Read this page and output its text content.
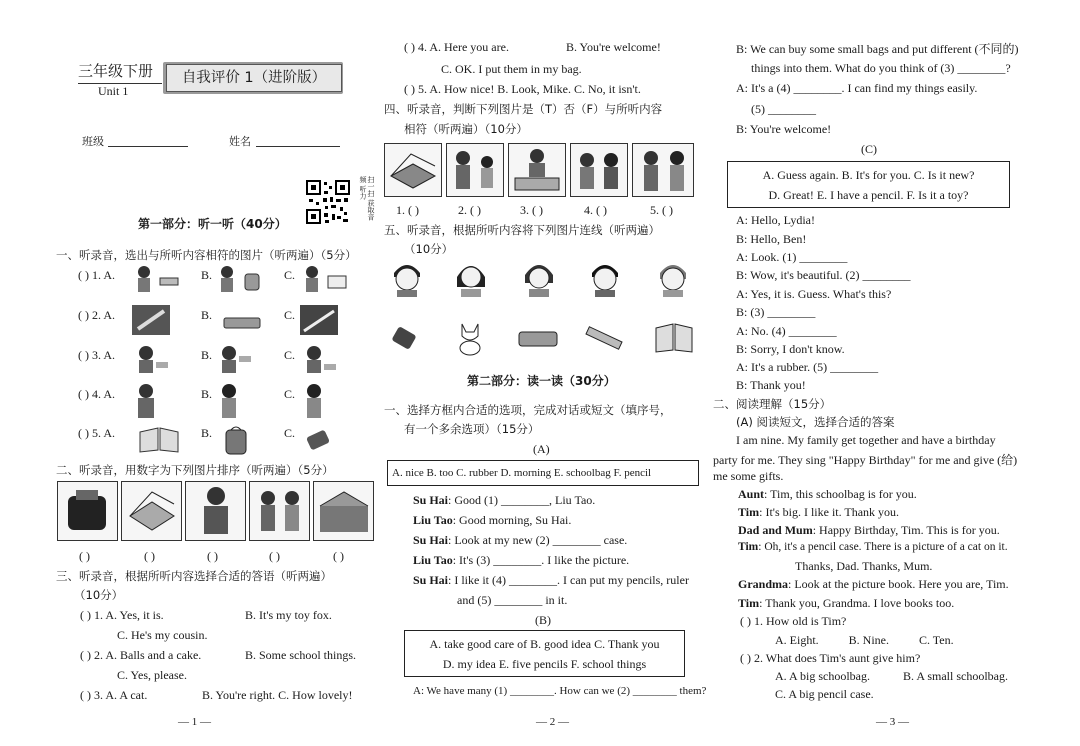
三年级下册
Unit 1
自我评价 1（进阶版）
班级	姓名
扫一扫 获取音频 听力
第一部分：听一听（40分）
一、听录音，选出与所听内容相符的图片（听两遍）（5分）
( ) 1. A.	B.	C.
( ) 2. A.	B.	C.
( ) 3. A.	B.	C.
( ) 4. A.	B.	C.
( ) 5. A.	B.	C.
二、听录音，用数字为下列图片排序（听两遍）（5分）
( )	( )	( )	( )	( )
三、听录音，根据所听内容选择合适的答语（听两遍）
（10分）
( ) 1. A. Yes, it is.	B. It's my toy fox.
C. He's my cousin.
( ) 2. A. Balls and a cake.	B. Some school things.
C. Yes, please.
( ) 3. A. A cat.	B. You're right. C. How lovely!
— 1 —
( ) 4. A. Here you are.	B. You're welcome!
C. OK. I put them in my bag.
( ) 5. A. How nice! B. Look, Mike. C. No, it isn't.
四、听录音，判断下列图片是（T）否（F）与所听内容
相符（听两遍）（10分）
1. ( )	2. ( )	3. ( )	4. ( )	5. ( )
五、听录音，根据所听内容将下列图片连线（听两遍）
（10分）
第二部分：读一读（30分）
一、选择方框内合适的选项，完成对话或短文（填序号，
有一个多余选项）（15分）
(A)
A. nice B. too C. rubber D. morning E. schoolbag F. pencil
Su Hai: Good (1) ________, Liu Tao.
Liu Tao: Good morning, Su Hai.
Su Hai: Look at my new (2) ________ case.
Liu Tao: It's (3) ________. I like the picture.
Su Hai: I like it (4) ________. I can put my pencils, ruler
and (5) ________ in it.
(B)
A. take good care of B. good idea C. Thank you
D. my idea E. five pencils F. school things
A: We have many (1) ________. How can we (2) ________ them?
— 2 —
B: We can buy some small bags and put different (不同的)
things into them. What do you think of (3) ________?
A: It's a (4) ________. I can find my things easily.
(5) ________
B: You're welcome!
(C)
A. Guess again. B. It's for you. C. Is it new?
D. Great! E. I have a pencil. F. Is it a toy?
A: Hello, Lydia!
B: Hello, Ben!
A: Look. (1) ________
B: Wow, it's beautiful. (2) ________
A: Yes, it is. Guess. What's this?
B: (3) ________
A: No. (4) ________
B: Sorry, I don't know.
A: It's a rubber. (5) ________
B: Thank you!
二、阅读理解（15分）
(A) 阅读短文，选择合适的答案
I am nine. My family get together and have a birthday
party for me. They sing "Happy Birthday" for me and give (给)
me some gifts.
Aunt: Tim, this schoolbag is for you.
Tim: It's big. I like it. Thank you.
Dad and Mum: Happy Birthday, Tim. This is for you.
Tim: Oh, it's a pencil case. There is a picture of a cat on it.
Thanks, Dad. Thanks, Mum.
Grandma: Look at the picture book. Here you are, Tim.
Tim: Thank you, Grandma. I love books too.
( ) 1. How old is Tim?
A. Eight.          B. Nine.          C. Ten.
( ) 2. What does Tim's aunt give him?
A. A big schoolbag.	B. A small schoolbag.
C. A big pencil case.
— 3 —
